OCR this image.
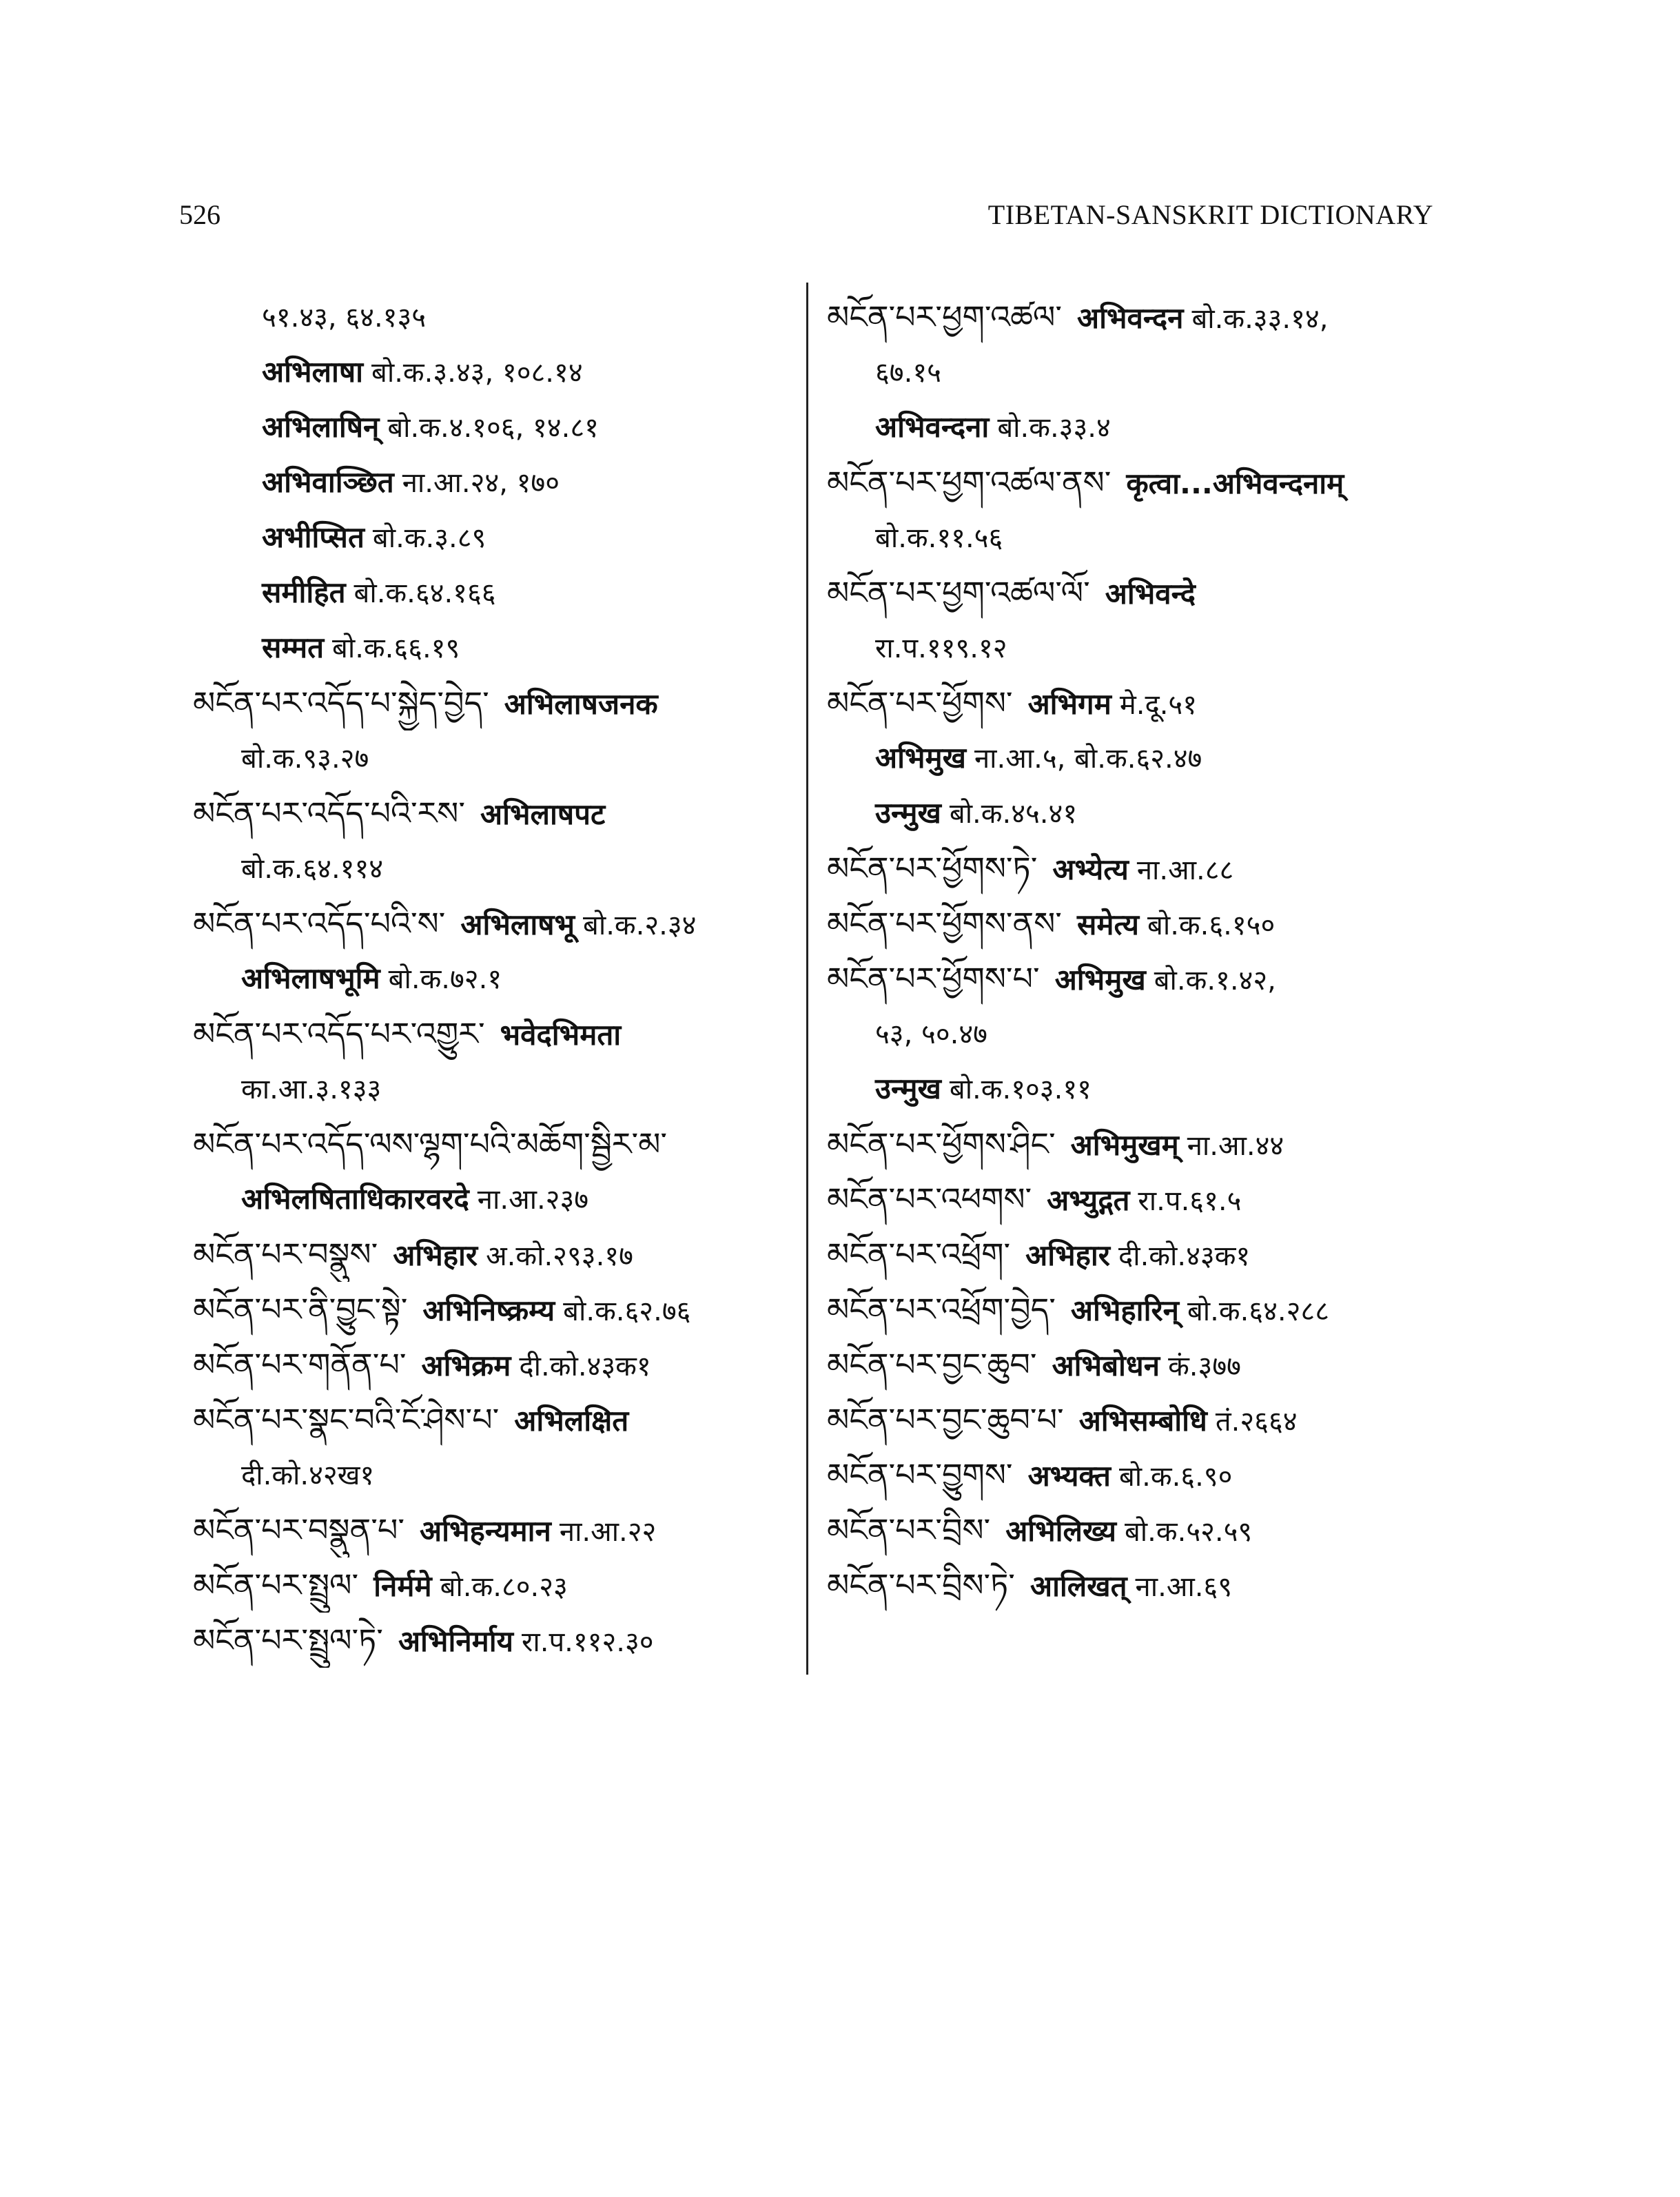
526	TIBETAN-SANSKRIT DICTIONARY
५१.४३, ६४.१३५
अभिलाषा बो.क.३.४३, १०८.१४
अभिलाषिन् बो.क.४.१०६, १४.८१
अभिवाञ्छित ना.आ.२४, १७०
अभीप्सित बो.क.३.८९
समीहित बो.क.६४.१६६
सम्मत बो.क.६६.१९
མངོན་པར་འདོད་པ་སྐྱེད་བྱེད་ अभिलाषजनक
बो.क.९३.२७
མངོན་པར་འདོད་པའི་རས་ अभिलाषपट
बो.क.६४.११४
མངོན་པར་འདོད་པའི་ས་ अभिलाषभू बो.क.२.३४
अभिलाषभूमि बो.क.७२.१
མངོན་པར་འདོད་པར་འགྱུར་ भवेदभिमता
का.आ.३.१३३
མངོན་པར་འདོད་ལས་ལྷག་པའི་མཆོག་སྦྱིར་མ་
अभिलषिताधिकारवरदे ना.आ.२३७
མངོན་པར་བསྣུས་ अभिहार अ.को.२९३.१७
མངོན་པར་ནི་བྱུང་སྟེ་ अभिनिष्क्रम्य बो.क.६२.७६
མངོན་པར་གནོན་པ་ अभिक्रम दी.को.४३क१
མངོན་པར་སྣང་བའི་ངོ་ཤེས་པ་ अभिलक्षित
दी.को.४२ख१
མངོན་པར་བསྣུན་པ་ अभिहन्यमान ना.आ.२२
མངོན་པར་སྤྲུལ་ निर्ममे बो.क.८०.२३
མངོན་པར་སྤྲུལ་ཏེ་ अभिनिर्माय रा.प.११२.३०
མངོན་པར་ཕྱག་འཚལ་ अभिवन्दन बो.क.३३.१४,
६७.१५
अभिवन्दना बो.क.३३.४
མངོན་པར་ཕྱག་འཚལ་ནས་ कृत्वा...अभिवन्दनाम्
बो.क.११.५६
མངོན་པར་ཕྱག་འཚལ་ལོ་ अभिवन्दे
रा.प.११९.१२
མངོན་པར་ཕྱོགས་ अभिगम मे.दू.५१
अभिमुख ना.आ.५, बो.क.६२.४७
उन्मुख बो.क.४५.४१
མངོན་པར་ཕྱོགས་ཏེ་ अभ्येत्य ना.आ.८८
མངོན་པར་ཕྱོགས་ནས་ समेत्य बो.क.६.१५०
མངོན་པར་ཕྱོགས་པ་ अभिमुख बो.क.१.४२,
५३, ५०.४७
उन्मुख बो.क.१०३.११
མངོན་པར་ཕྱོགས་ཤིང་ अभिमुखम् ना.आ.४४
མངོན་པར་འཕགས་ अभ्युद्गत रा.प.६१.५
མངོན་པར་འཕྲོག་ अभिहार दी.को.४३क१
མངོན་པར་འཕྲོག་བྱེད་ अभिहारिन् बो.क.६४.२८८
མངོན་པར་བྱང་ཆུབ་ अभिबोधन कं.३७७
མངོན་པར་བྱང་ཆུབ་པ་ अभिसम्बोधि तं.२६६४
མངོན་པར་བྱུགས་ अभ्यक्त बो.क.६.९०
མངོན་པར་བྲིས་ अभिलिख्य बो.क.५२.५९
མངོན་པར་བྲིས་ཏེ་ आलिखत् ना.आ.६९
